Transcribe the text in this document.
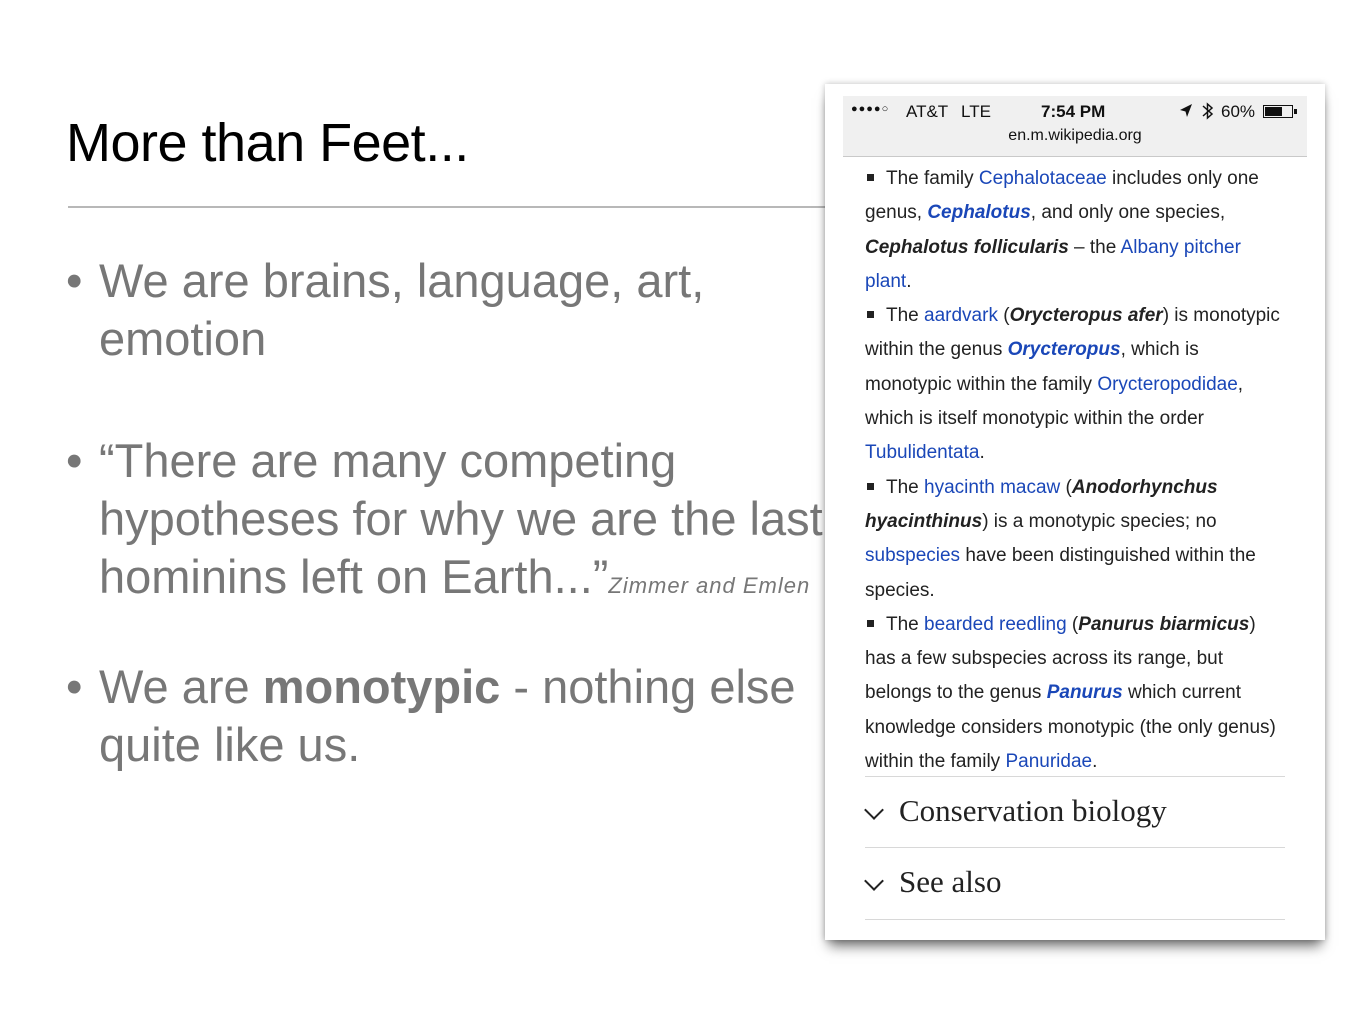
More than Feet...
• We are brains, language, art, emotion
• “There are many competing hypotheses for why we are the last hominins left on Earth...”Zimmer and Emlen
• We are monotypic - nothing else quite like us.
●●●●○ AT&T LTE	7:54 PM	60%
en.m.wikipedia.org

The family Cephalotaceae includes only one genus, Cephalotus, and only one species, Cephalotus follicularis – the Albany pitcher plant.

The aardvark (Orycteropus afer) is monotypic within the genus Orycteropus, which is monotypic within the family Orycteropodidae, which is itself monotypic within the order Tubulidentata.

The hyacinth macaw (Anodorhynchus hyacinthinus) is a monotypic species; no subspecies have been distinguished within the species.

The bearded reedling (Panurus biarmicus) has a few subspecies across its range, but belongs to the genus Panurus which current knowledge considers monotypic (the only genus) within the family Panuridae.

Conservation biology
See also
